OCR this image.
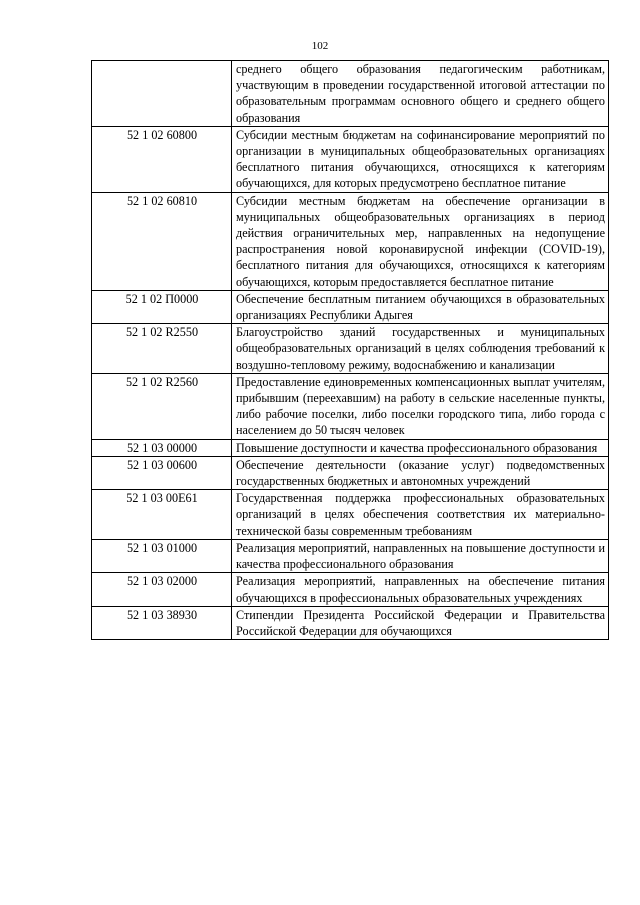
102
	среднего общего образования педагогическим работникам, участвующим в проведении государственной итоговой аттестации по образовательным программам основного общего и среднего общего образования
52 1 02 60800	Субсидии местным бюджетам на софинансирование мероприятий по организации в муниципальных общеобразовательных организациях бесплатного питания обучающихся, относящихся к категориям обучающихся, для которых предусмотрено бесплатное питание
52 1 02 60810	Субсидии местным бюджетам на обеспечение организации в муниципальных общеобразовательных организациях в период действия ограничительных мер, направленных на недопущение распространения новой коронавирусной инфекции (COVID-19), бесплатного питания для обучающихся, относящихся к категориям обучающихся, которым предоставляется бесплатное питание
52 1 02 П0000	Обеспечение бесплатным питанием обучающихся в образовательных организациях Республики Адыгея
52 1 02 R2550	Благоустройство зданий государственных и муниципальных общеобразовательных организаций в целях соблюдения требований к воздушно-тепловому режиму, водоснабжению и канализации
52 1 02 R2560	Предоставление единовременных компенсационных выплат учителям, прибывшим (переехавшим) на работу в сельские населенные пункты, либо рабочие поселки, либо поселки городского типа, либо города с населением до 50 тысяч человек
52 1 03 00000	Повышение доступности и качества профессионального образования
52 1 03 00600	Обеспечение деятельности (оказание услуг) подведомственных государственных бюджетных и автономных учреждений
52 1 03 00Е61	Государственная поддержка профессиональных образовательных организаций в целях обеспечения соответствия их материально-технической базы современным требованиям
52 1 03 01000	Реализация мероприятий, направленных на повышение доступности и качества профессионального образования
52 1 03 02000	Реализация мероприятий, направленных на обеспечение питания обучающихся в профессиональных образовательных учреждениях
52 1 03 38930	Стипендии Президента Российской Федерации и Правительства Российской Федерации для обучающихся
